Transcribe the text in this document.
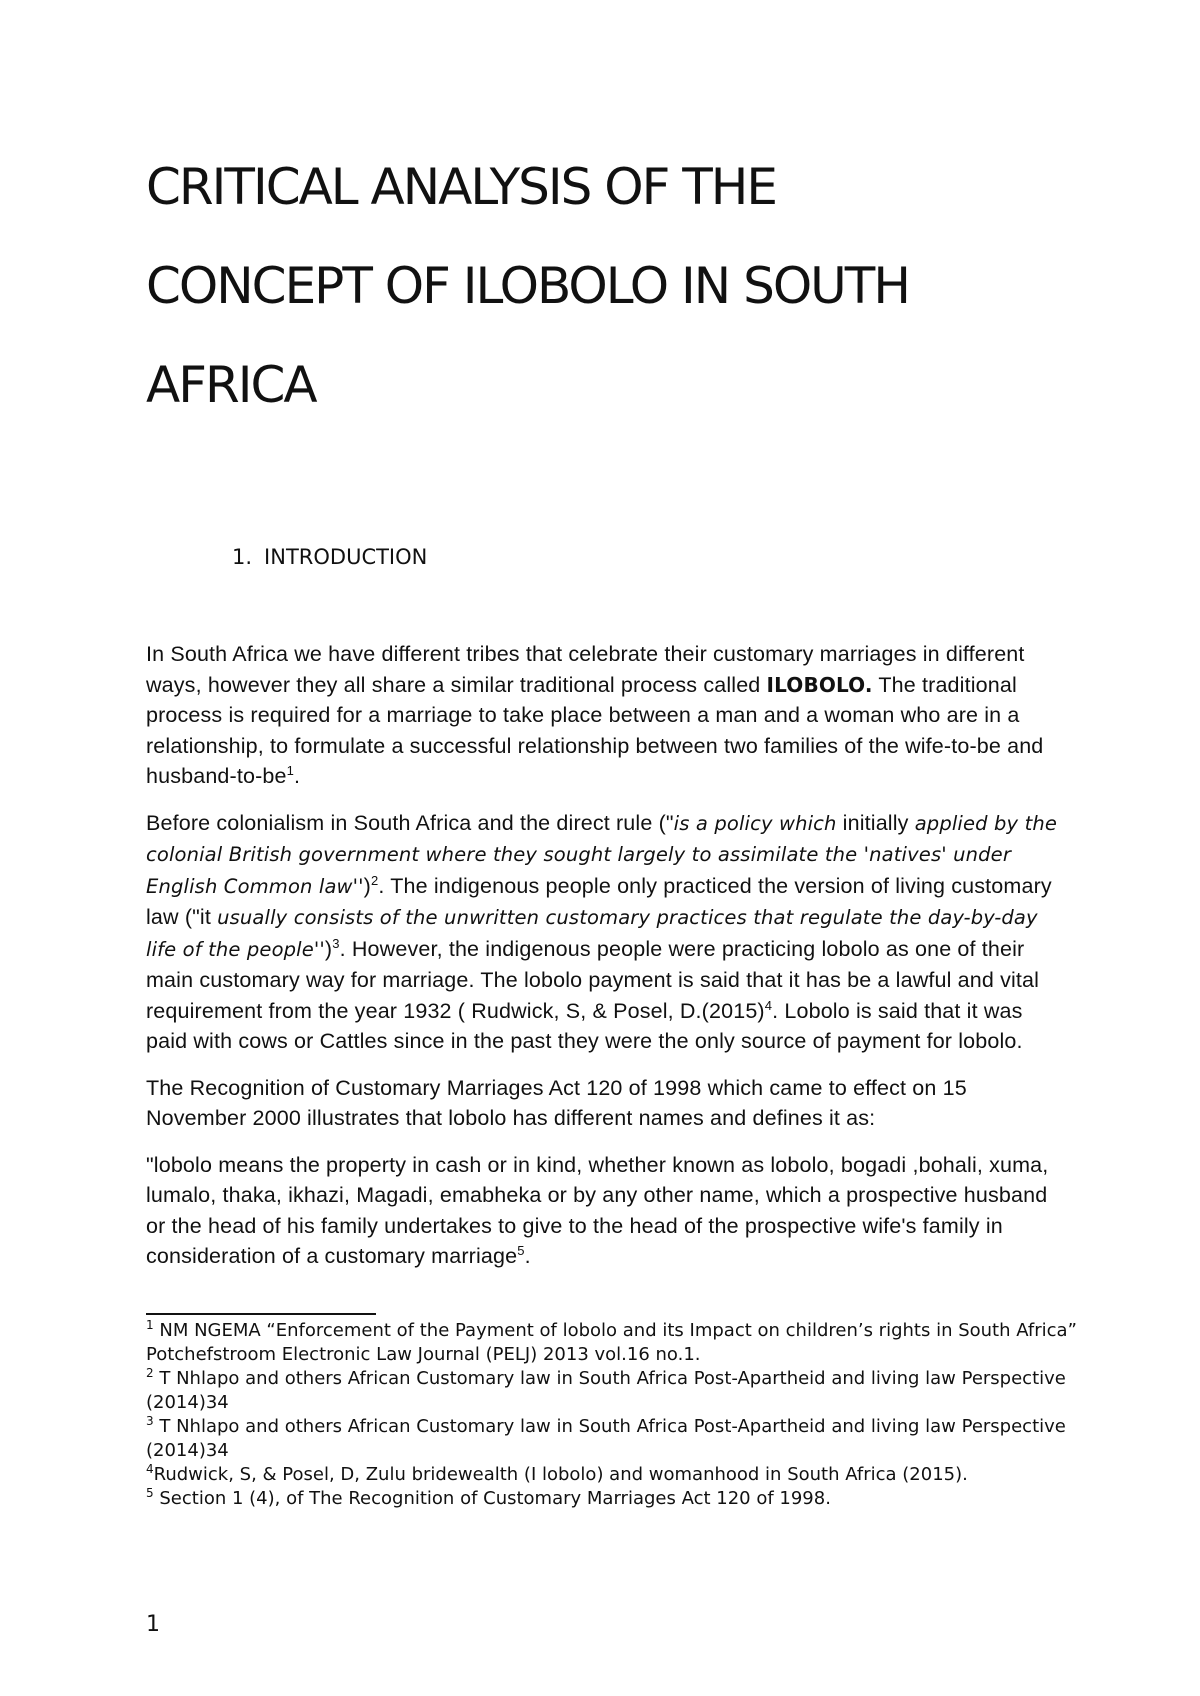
CRITICAL ANALYSIS OF THE
CONCEPT OF ILOBOLO IN SOUTH
AFRICA
1. INTRODUCTION

In South Africa we have different tribes that celebrate their customary marriages in different ways, however they all share a similar traditional process called ILOBOLO. The traditional process is required for a marriage to take place between a man and a woman who are in a relationship, to formulate a successful relationship between two families of the wife-to-be and husband-$to-be^1$.

Before colonialism in South Africa and the direct rule ("is a policy which initially applied by the colonial British government where they sought largely to assimilate the 'natives' under English Common law'')$^2$. The indigenous people only practiced the version of living customary law ("it usually consists of the unwritten customary practices that regulate the day-by-day life of the people'')$^3$. However, the indigenous people were practicing lobolo as one of their main customary way for marriage. The lobolo payment is said that it has be a lawful and vital requirement from the year 1932 ( Rudwick, S, & Posel, $D.(2015)^4$. Lobolo is said that it was paid with cows or Cattles since in the past they were the only source of payment for lobolo.

The Recognition of Customary Marriages Act 120 of 1998 which came to effect on 15 November 2000 illustrates that lobolo has different names and defines it as:

"lobolo means the property in cash or in kind, whether known as lobolo, bogadi ,bohali, xuma, lumalo, thaka, ikhazi, Magadi, emabheka or by any other name, which a prospective husband or the head of his family undertakes to give to the head of the prospective wife's family in consideration of a customary marriage$^5$.

$^1$ NM NGEMA “Enforcement of the Payment of lobolo and its Impact on children’s rights in South Africa” Potchefstroom Electronic Law Journal (PELJ) 2013 vol.16 no.1.

$^2$ T Nhlapo and others African Customary law in South Africa Post-Apartheid and living law Perspective (2014)34

$^3$ T Nhlapo and others African Customary law in South Africa Post-Apartheid and living law Perspective (2014)34

$^4$Rudwick, S, & Posel, D, Zulu bridewealth (I lobolo) and womanhood in South Africa (2015).

$^5$ Section 1 (4), of The Recognition of Customary Marriages Act 120 of 1998.

1
